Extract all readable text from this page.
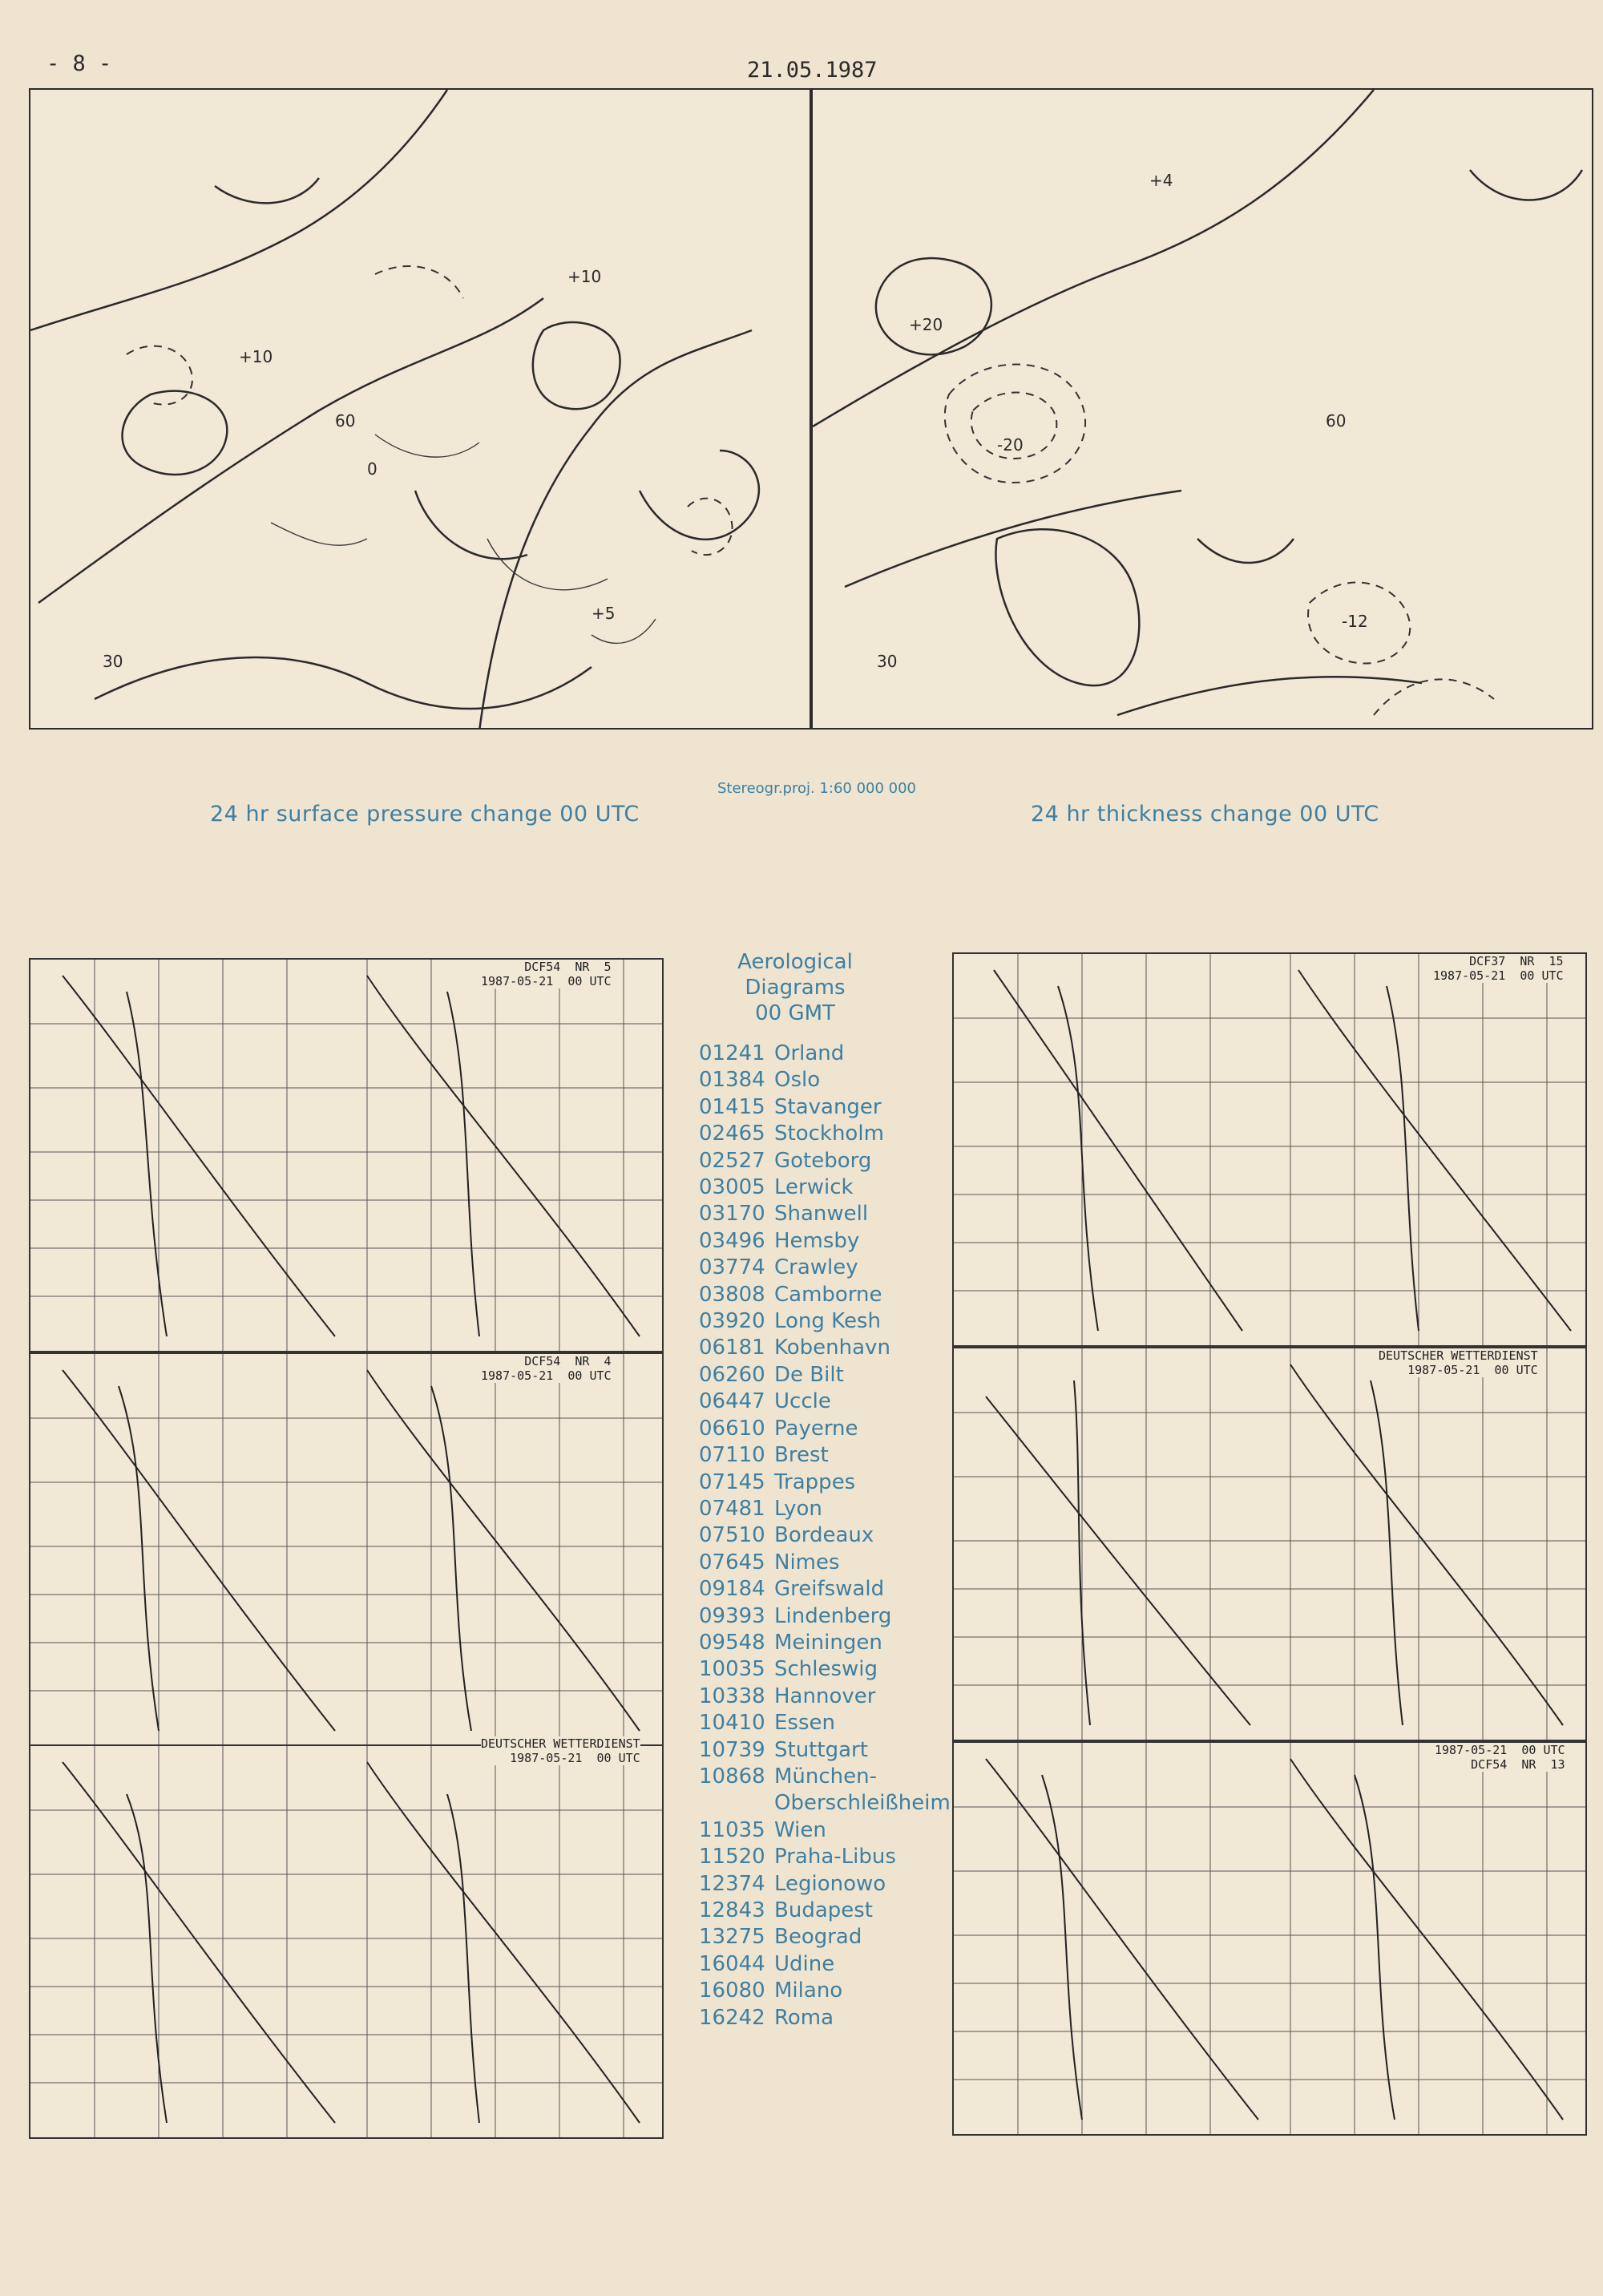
- 8 -	21.05.1987
+10
+10
60
30
0
+5
+20
-20
60
30
-12
+4
24 hr surface pressure change 00 UTC
Stereogr.proj. 1:60 000 000
24 hr thickness change 00 UTC
DCF54  NR  5
1987-05-21  00 UTC
DCF37  NR  15
1987-05-21  00 UTC
DCF54  NR  4
1987-05-21  00 UTC
DEUTSCHER WETTERDIENST
1987-05-21  00 UTC
DEUTSCHER WETTERDIENST
1987-05-21  00 UTC
1987-05-21  00 UTC
DCF54  NR  13
Aerological
Diagrams
00 GMT
01241 Orland
01384 Oslo
01415 Stavanger
02465 Stockholm
02527 Goteborg
03005 Lerwick
03170 Shanwell
03496 Hemsby
03774 Crawley
03808 Camborne
03920 Long Kesh
06181 Kobenhavn
06260 De Bilt
06447 Uccle
06610 Payerne
07110 Brest
07145 Trappes
07481 Lyon
07510 Bordeaux
07645 Nimes
09184 Greifswald
09393 Lindenberg
09548 Meiningen
10035 Schleswig
10338 Hannover
10410 Essen
10739 Stuttgart
10868 München-
Oberschleißheim
11035 Wien
11520 Praha-Libus
12374 Legionowo
12843 Budapest
13275 Beograd
16044 Udine
16080 Milano
16242 Roma
